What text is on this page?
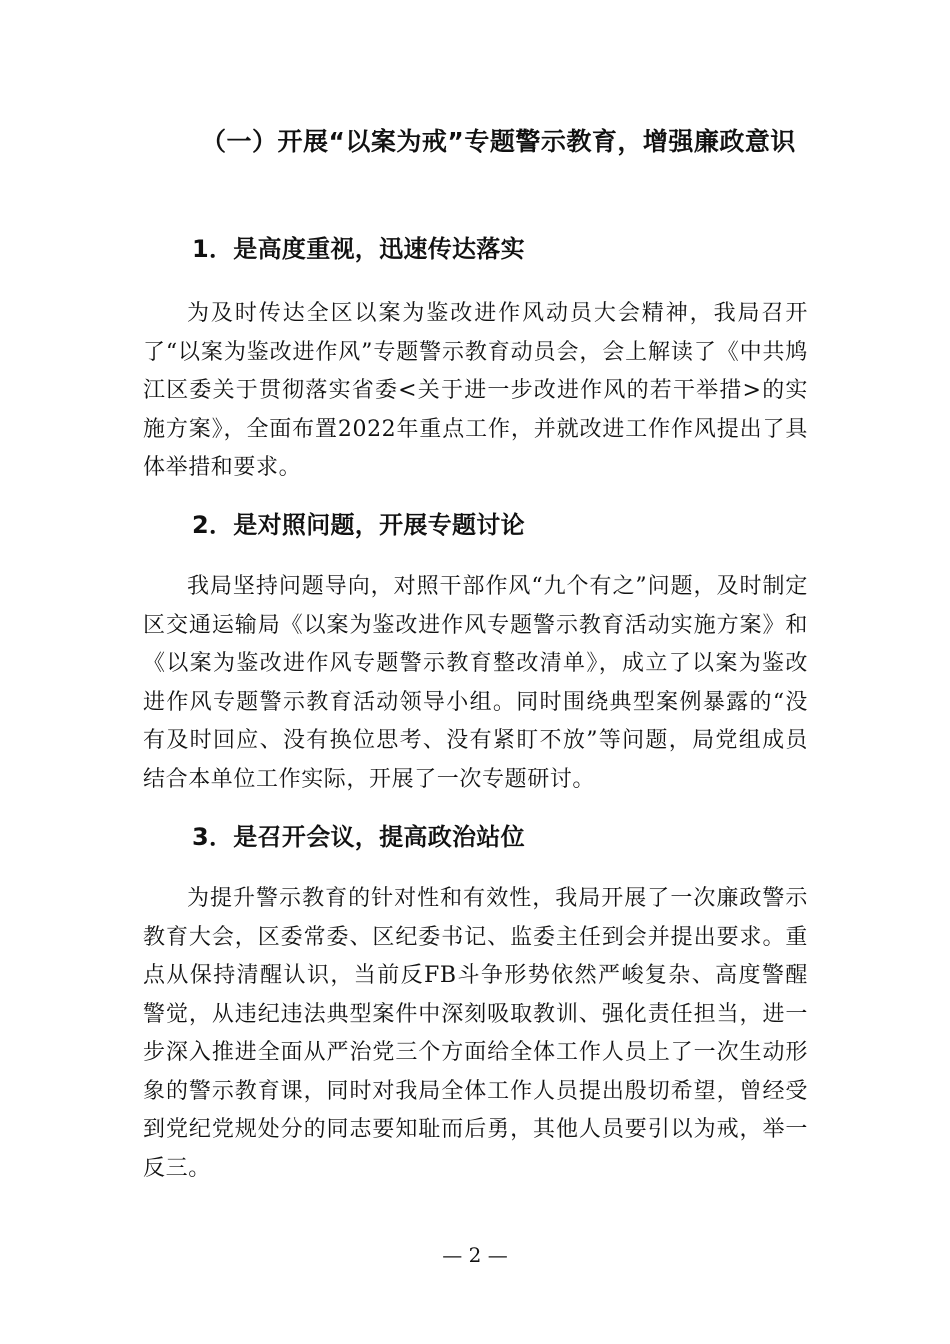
（一）开展“以案为戒”专题警示教育，增强廉政意识
1．是高度重视，迅速传达落实
为及时传达全区以案为鉴改进作风动员大会精神，我局召开了“以案为鉴改进作风”专题警示教育动员会，会上解读了《中共鸠江区委关于贯彻落实省委<关于进一步改进作风的若干举措>的实施方案》，全面布置2022年重点工作，并就改进工作作风提出了具体举措和要求。
2．是对照问题，开展专题讨论
我局坚持问题导向，对照干部作风“九个有之”问题，及时制定区交通运输局《以案为鉴改进作风专题警示教育活动实施方案》和《以案为鉴改进作风专题警示教育整改清单》，成立了以案为鉴改进作风专题警示教育活动领导小组。同时围绕典型案例暴露的“没有及时回应、没有换位思考、没有紧盯不放”等问题，局党组成员结合本单位工作实际，开展了一次专题研讨。
3．是召开会议，提高政治站位
为提升警示教育的针对性和有效性，我局开展了一次廉政警示教育大会，区委常委、区纪委书记、监委主任到会并提出要求。重点从保持清醒认识，当前反FB斗争形势依然严峻复杂、高度警醒警觉，从违纪违法典型案件中深刻吸取教训、强化责任担当，进一步深入推进全面从严治党三个方面给全体工作人员上了一次生动形象的警示教育课，同时对我局全体工作人员提出殷切希望，曾经受到党纪党规处分的同志要知耻而后勇，其他人员要引以为戒，举一反三。
— 2 —
